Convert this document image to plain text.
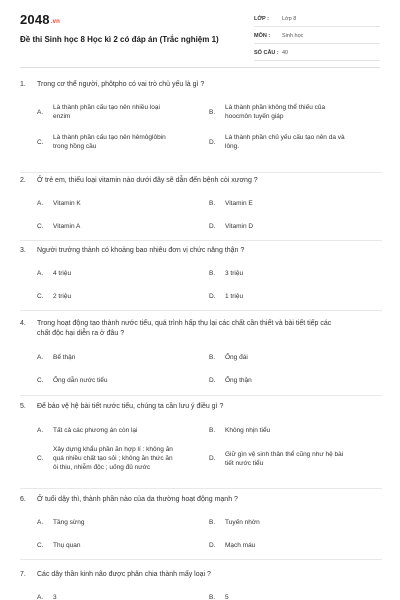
2048.vn
Đề thi Sinh học 8 Học kì 2 có đáp án (Trắc nghiệm 1)
LỚP : Lớp 8
MÔN : Sinh học
SỐ CÂU : 40
1. Trong cơ thể người, phôtpho có vai trò chủ yếu là gì ?
A.
Là thành phần cấu tạo nên nhiều loại
enzim
B.
Là thành phần không thể thiếu của
hoocmôn tuyến giáp
C.
Là thành phần cấu tạo nên hêmôglôbin
trong hồng cầu
D.
Là thành phần chủ yếu cấu tạo nên da và
lông.
2. Ở trẻ em, thiếu loại vitamin nào dưới đây sẽ dẫn đến bệnh còi xương ?
A. Vitamin K	B. Vitamin E
C. Vitamin A	D. Vitamin D
3. Người trưởng thành có khoảng bao nhiêu đơn vị chức năng thận ?
A. 4 triệu	B. 3 triệu
C. 2 triệu	D. 1 triệu
4. Trong hoạt động tạo thành nước tiểu, quá trình hấp thụ lại các chất cần thiết và bài tiết tiếp các
chất độc hại diễn ra ở đâu ?
A. Bể thận	B. Ống đái
C. Ống dẫn nước tiểu	D. Ống thận
5. Để bảo vệ hệ bài tiết nước tiểu, chúng ta cần lưu ý điều gì ?
A. Tất cả các phương án còn lại	B. Không nhịn tiểu
C.
Xây dựng khẩu phần ăn hợp lí : không ăn
quá nhiều chất tạo sỏi ; không ăn thức ăn
ôi thiu, nhiễm độc ; uống đủ nước
D.
Giữ gìn vệ sinh thân thể cũng như hệ bài
tiết nước tiểu
6. Ở tuổi dậy thì, thành phần nào của da thường hoạt động mạnh ?
A. Tầng sừng	B. Tuyến nhờn
C. Thụ quan	D. Mạch máu
7. Các dây thần kinh não được phân chia thành mấy loại ?
A. 3	B. 5
